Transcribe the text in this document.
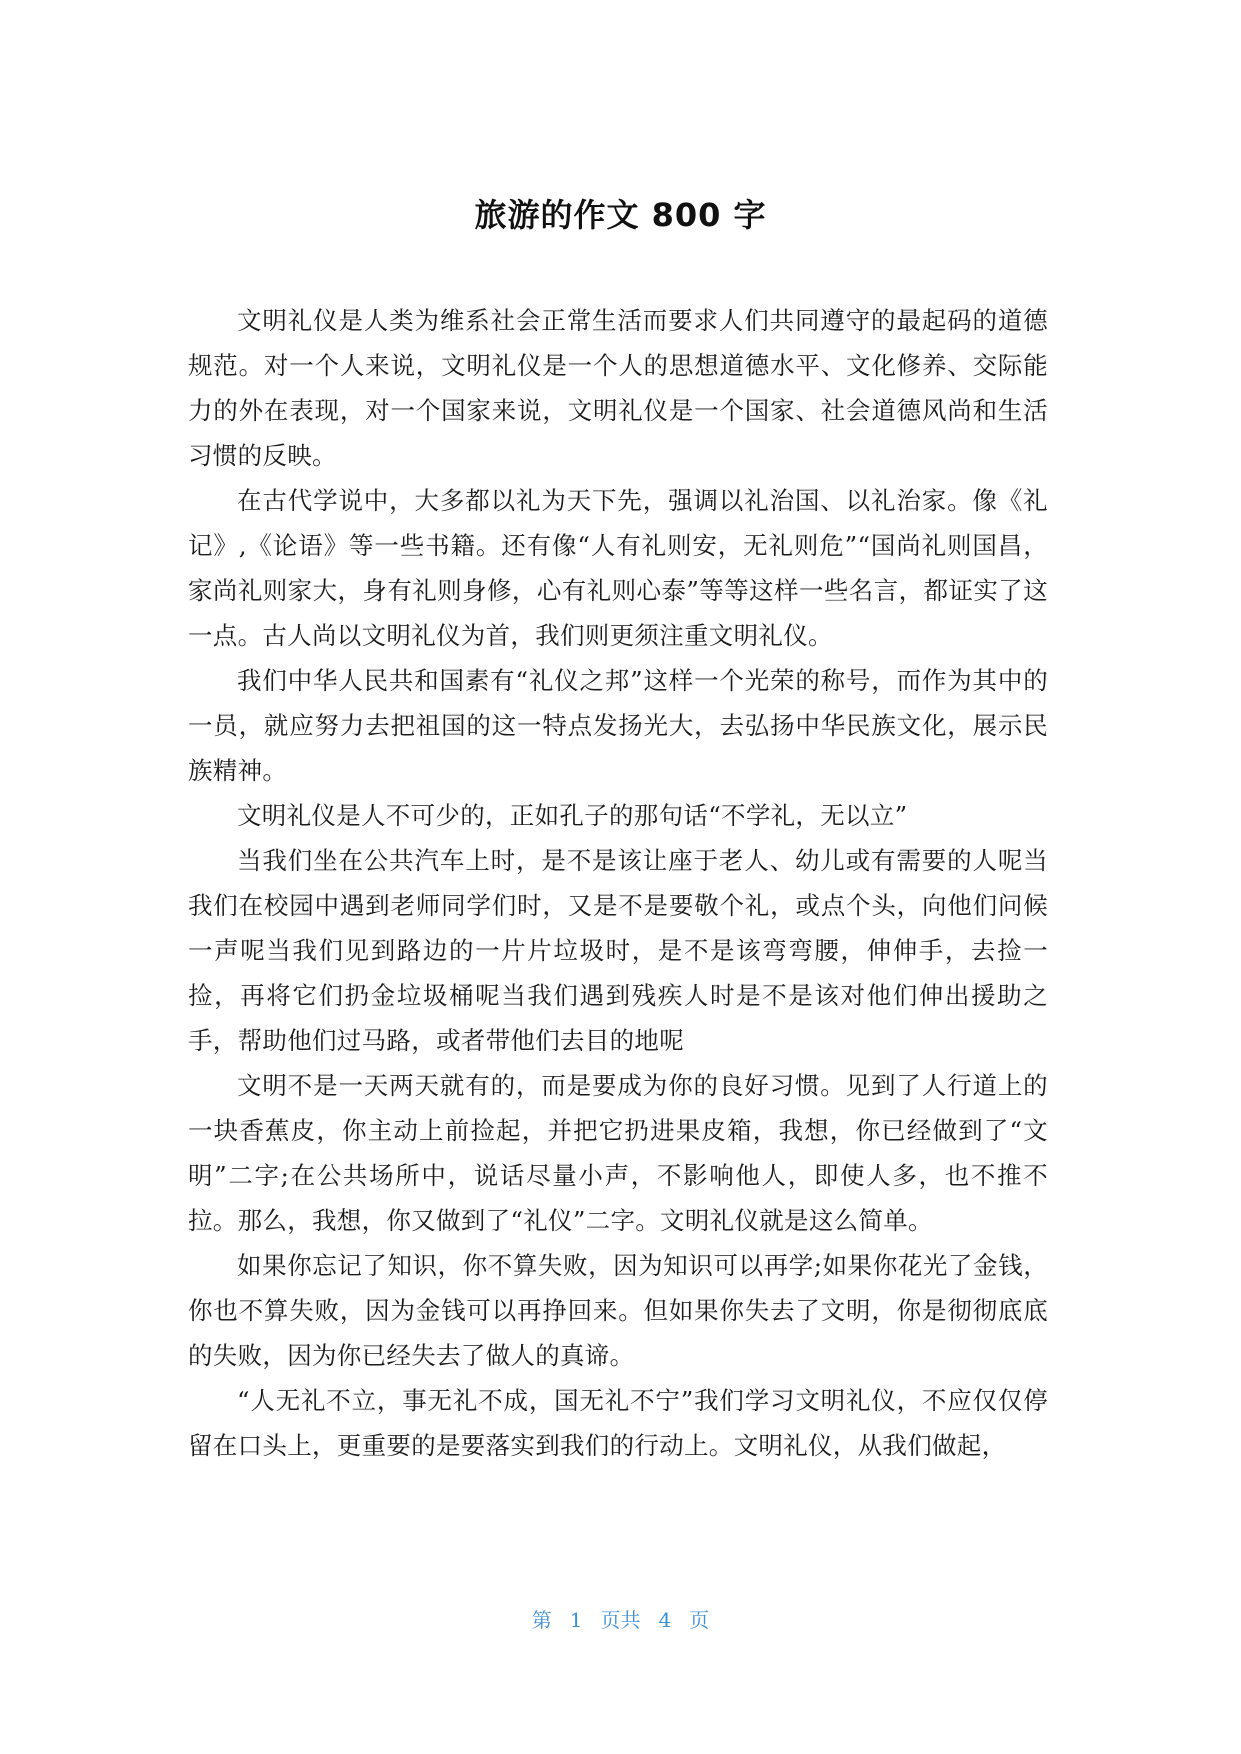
旅游的作文 800 字

文明礼仪是人类为维系社会正常生活而要求人们共同遵守的最起码的道德规范。对一个人来说，文明礼仪是一个人的思想道德水平、文化修养、交际能力的外在表现，对一个国家来说，文明礼仪是一个国家、社会道德风尚和生活习惯的反映。

在古代学说中，大多都以礼为天下先，强调以礼治国、以礼治家。像《礼记》,《论语》等一些书籍。还有像“人有礼则安，无礼则危”“国尚礼则国昌，家尚礼则家大，身有礼则身修，心有礼则心泰”等等这样一些名言，都证实了这一点。古人尚以文明礼仪为首，我们则更须注重文明礼仪。

我们中华人民共和国素有“礼仪之邦”这样一个光荣的称号，而作为其中的一员，就应努力去把祖国的这一特点发扬光大，去弘扬中华民族文化，展示民族精神。

文明礼仪是人不可少的，正如孔子的那句话“不学礼，无以立”

当我们坐在公共汽车上时，是不是该让座于老人、幼儿或有需要的人呢当我们在校园中遇到老师同学们时，又是不是要敬个礼，或点个头，向他们问候一声呢当我们见到路边的一片片垃圾时，是不是该弯弯腰，伸伸手，去捡一捡，再将它们扔金垃圾桶呢当我们遇到残疾人时是不是该对他们伸出援助之手，帮助他们过马路，或者带他们去目的地呢

文明不是一天两天就有的，而是要成为你的良好习惯。见到了人行道上的一块香蕉皮，你主动上前捡起，并把它扔进果皮箱，我想，你已经做到了“文明”二字;在公共场所中，说话尽量小声，不影响他人，即使人多，也不推不拉。那么，我想，你又做到了“礼仪”二字。文明礼仪就是这么简单。

如果你忘记了知识，你不算失败，因为知识可以再学;如果你花光了金钱，你也不算失败，因为金钱可以再挣回来。但如果你失去了文明，你是彻彻底底的失败，因为你已经失去了做人的真谛。

“人无礼不立，事无礼不成，国无礼不宁”我们学习文明礼仪，不应仅仅停留在口头上，更重要的是要落实到我们的行动上。文明礼仪，从我们做起，

第 1 页共 4 页
